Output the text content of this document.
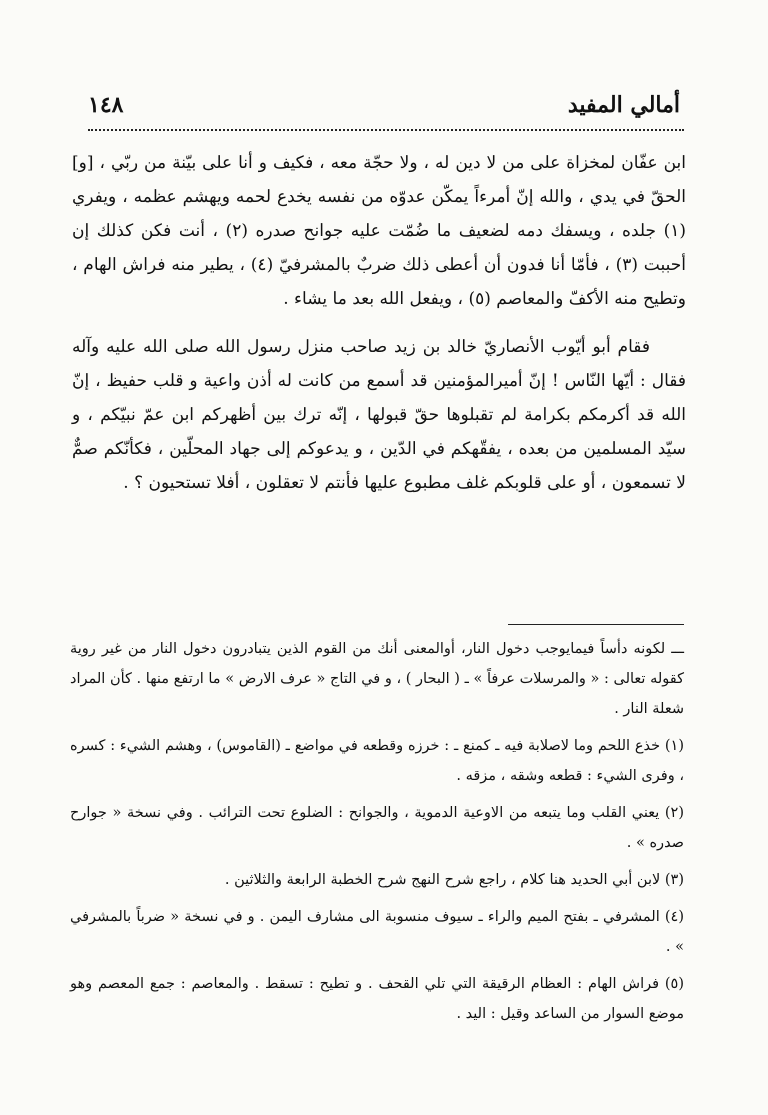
١٤٨	أمالي المفيد

ابن عفّان لمخزاة على من لا دين له ، ولا حجّة معه ، فكيف و أنا على بيّنة من ربّي ، [و] الحقّ في يدي ، والله إنّ أمرءاً يمكّن عدوّه من نفسه يخدع لحمه ويهشم عظمه ، ويفري (١) جلده ، ويسفك دمه لضعيف ما ضُمّت عليه جوانح صدره (٢) ، أنت فكن كذلك إن أحببت (٣) ، فأمّا أنا فدون أن أعطى ذلك ضربٌ بالمشرفيّ (٤) ، يطير منه فراش الهام ، وتطيح منه الأكفّ والمعاصم (٥) ، ويفعل الله بعد ما يشاء .

فقام أبو أيّوب الأنصاريّ خالد بن زيد صاحب منزل رسول الله صلى الله عليه وآله فقال : أيّها النّاس ! إنّ أميرالمؤمنين قد أسمع من كانت له أذن واعية و قلب حفيظ ، إنّ الله قد أكرمكم بكرامة لم تقبلوها حقّ قبولها ، إنّه ترك بين أظهركم ابن عمّ نبيّكم ، و سيّد المسلمين من بعده ، يفقّهكم في الدّين ، و يدعوكم إلى جهاد المحلّين ، فكأنّكم صمٌّ لا تسمعون ، أو على قلوبكم غلف مطبوع عليها فأنتم لا تعقلون ، أفلا تستحيون ؟ .

ـــ لكونه دأساً فيمايوجب دخول النار، أوالمعنى أنك من القوم الذين يتبادرون دخول النار من غير روية كقوله تعالى : « والمرسلات عرفاً » ـ ( البحار ) ، و في التاج « عرف الارض » ما ارتفع منها . كأن المراد شعلة النار .

(١) خذع اللحم وما لاصلابة فيه ـ كمنع ـ : خرزه وقطعه في مواضع ـ (القاموس) ، وهشم الشيء : كسره ، وفرى الشيء : قطعه وشقه ، مزقه .

(٢) يعني القلب وما يتبعه من الاوعية الدموية ، والجوانح : الضلوع تحت الترائب . وفي نسخة « جوارح صدره » .

(٣) لابن أبي الحديد هنا كلام ، راجع شرح النهج شرح الخطبة الرابعة والثلاثين .

(٤) المشرفي ـ بفتح الميم والراء ـ سيوف منسوبة الى مشارف اليمن . و في نسخة « ضرباً بالمشرفي » .

(٥) فراش الهام : العظام الرقيقة التي تلي القحف . و تطيح : تسقط . والمعاصم : جمع المعصم وهو موضع السوار من الساعد وقيل : اليد .
